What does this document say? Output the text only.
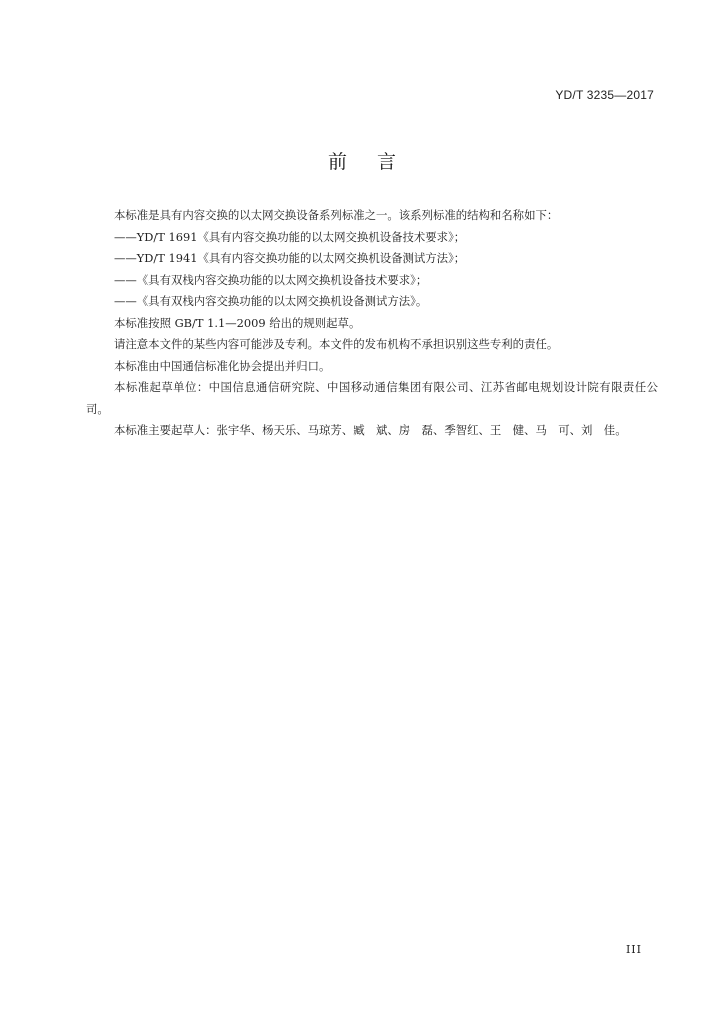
YD/T 3235—2017
前言

本标准是具有内容交换的以太网交换设备系列标准之一。该系列标准的结构和名称如下：

——YD/T 1691《具有内容交换功能的以太网交换机设备技术要求》；

——YD/T 1941《具有内容交换功能的以太网交换机设备测试方法》；

——《具有双栈内容交换功能的以太网交换机设备技术要求》；

——《具有双栈内容交换功能的以太网交换机设备测试方法》。

本标准按照 GB/T 1.1—2009 给出的规则起草。

请注意本文件的某些内容可能涉及专利。本文件的发布机构不承担识别这些专利的责任。

本标准由中国通信标准化协会提出并归口。

本标准起草单位：中国信息通信研究院、中国移动通信集团有限公司、江苏省邮电规划设计院有限责任公司。

本标准主要起草人：张宇华、杨天乐、马琼芳、臧　斌、房　磊、季智红、王　健、马　可、刘　佳。

III
